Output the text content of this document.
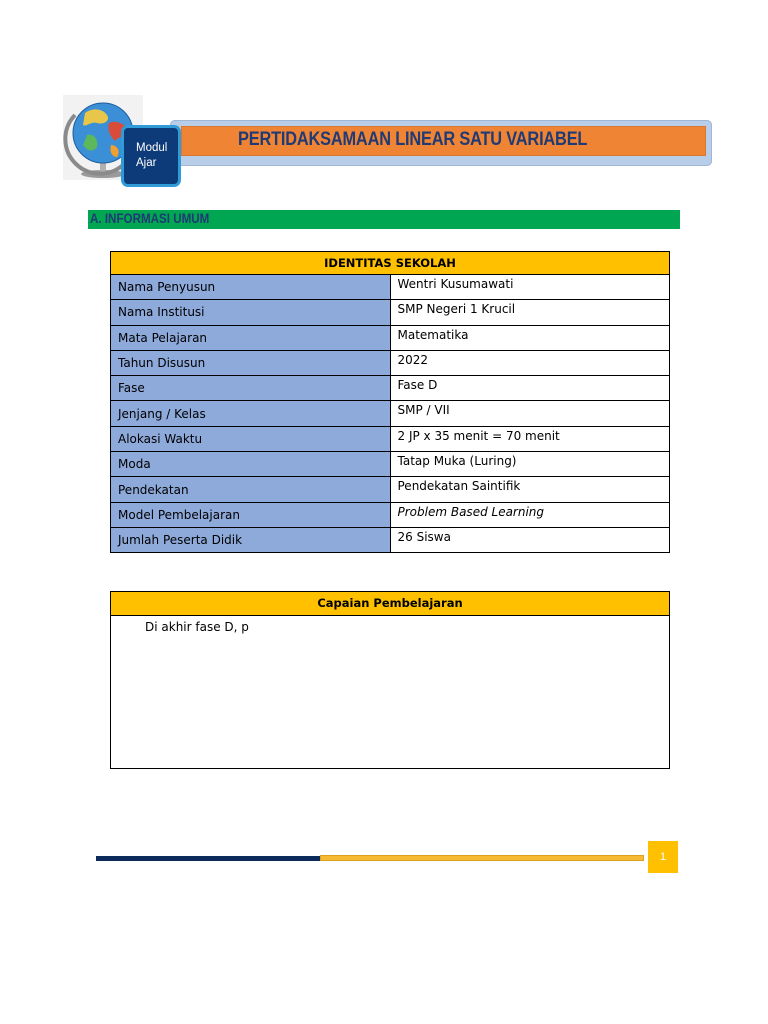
PERTIDAKSAMAAN LINEAR SATU VARIABEL
Modul
Ajar
A. INFORMASI UMUM
IDENTITAS SEKOLAH	
Nama Penyusun	Wentri Kusumawati
Nama Institusi	SMP Negeri 1 Krucil
Mata Pelajaran	Matematika
Tahun Disusun	2022
Fase	Fase D
Jenjang / Kelas	SMP / VII
Alokasi Waktu	2 JP x 35 menit = 70 menit
Moda	Tatap Muka (Luring)
Pendekatan	Pendekatan Saintifik
Model Pembelajaran	Problem Based Learning
Jumlah Peserta Didik	26 Siswa
Capaian Pembelajaran
Di akhir fase D, p
1
